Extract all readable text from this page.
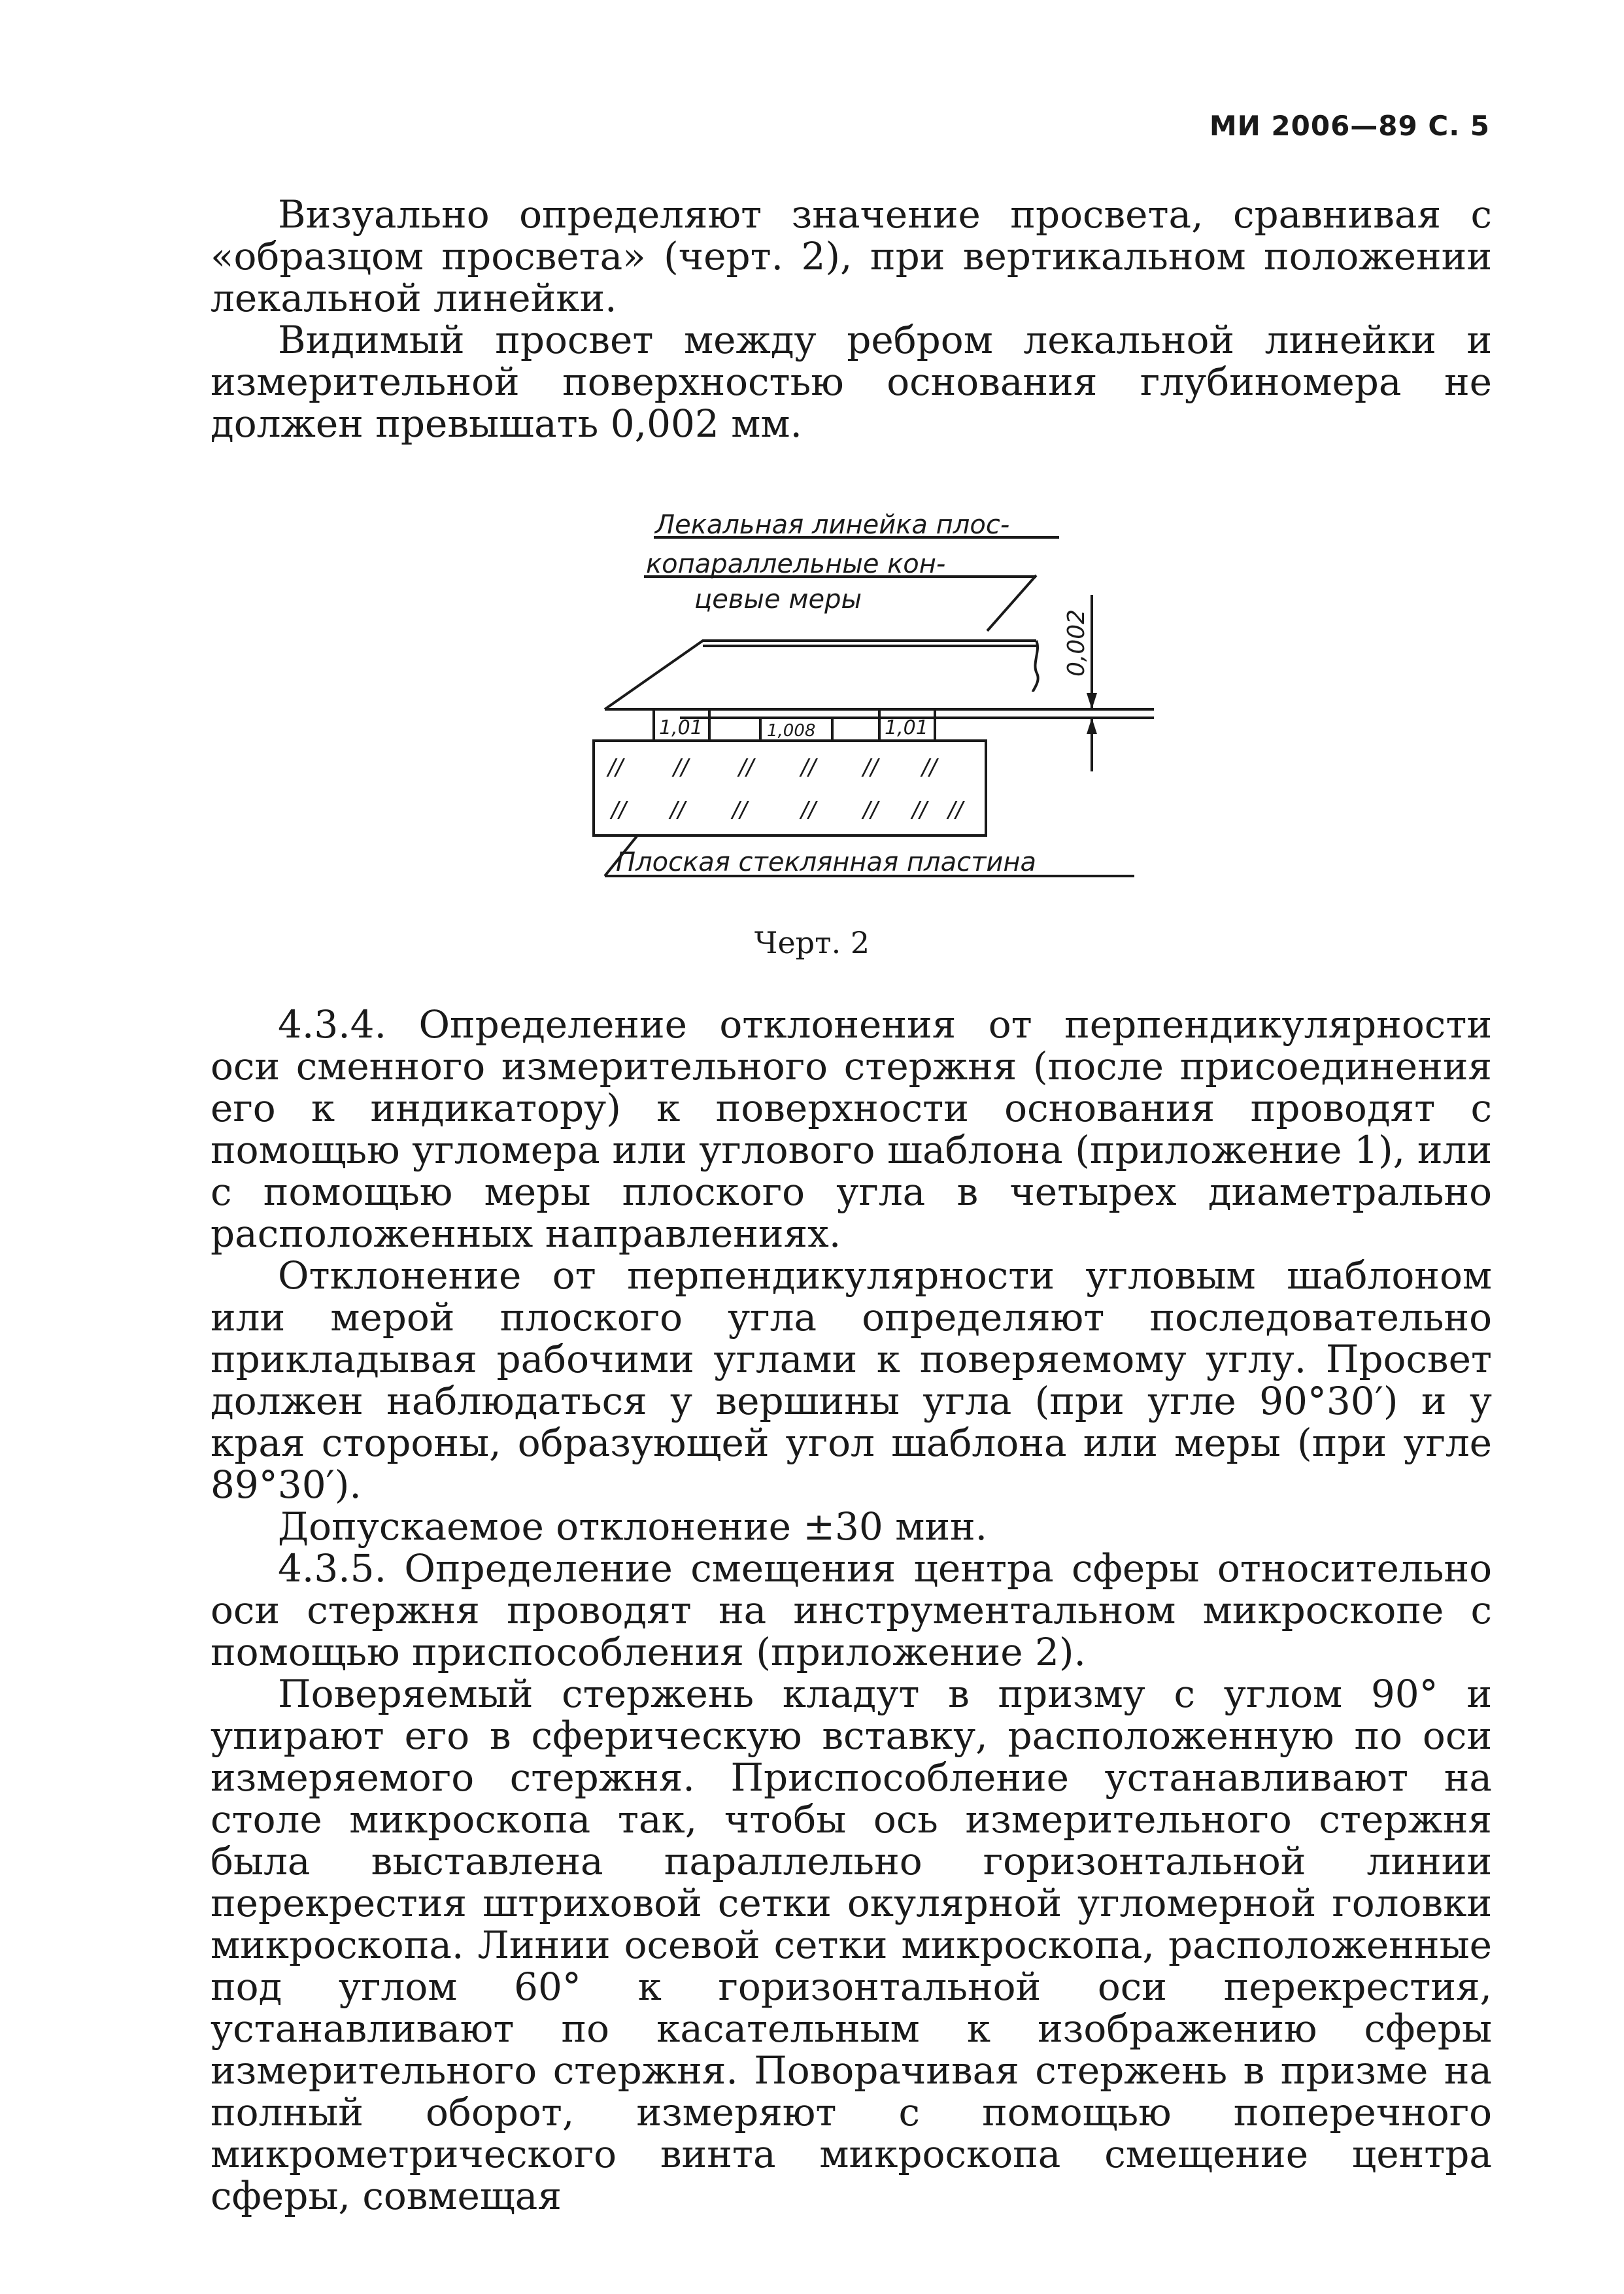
МИ 2006—89 С. 5

Визуально определяют значение просвета, сравнивая с «образцом просвета» (черт. 2), при вертикальном положении лекальной линейки.

Видимый просвет между ребром лекальной линейки и измерительной поверхностью основания глубиномера не должен превышать 0,002 мм.

Лекальная линейка плос-
копараллельные кон-
цевые меры
0,002
1,01	1,008	1,01
Плоская стеклянная пластина
// // // // // //
// // // // // // //
Черт. 2

4.3.4. Определение отклонения от перпендикулярности оси сменного измерительного стержня (после присоединения его к индикатору) к поверхности основания проводят с помощью угломера или углового шаблона (приложение 1), или с помощью меры плоского угла в четырех диаметрально расположенных направлениях.

Отклонение от перпендикулярности угловым шаблоном или мерой плоского угла определяют последовательно прикладывая рабочими углами к поверяемому углу. Просвет должен наблюдаться у вершины угла (при угле 90°30′) и у края стороны, образующей угол шаблона или меры (при угле 89°30′).

Допускаемое отклонение ±30 мин.

4.3.5. Определение смещения центра сферы относительно оси стержня проводят на инструментальном микроскопе с помощью приспособления (приложение 2).

Поверяемый стержень кладут в призму с углом 90° и упирают его в сферическую вставку, расположенную по оси измеряемого стержня. Приспособление устанавливают на столе микроскопа так, чтобы ось измерительного стержня была выставлена параллельно горизонтальной линии перекрестия штриховой сетки окулярной угломерной головки микроскопа. Линии осевой сетки микроскопа, расположенные под углом 60° к горизонтальной оси перекрестия, устанавливают по касательным к изображению сферы измерительного стержня. Поворачивая стержень в призме на полный оборот, измеряют с помощью поперечного микрометрического винта микроскопа смещение центра сферы, совмещая
